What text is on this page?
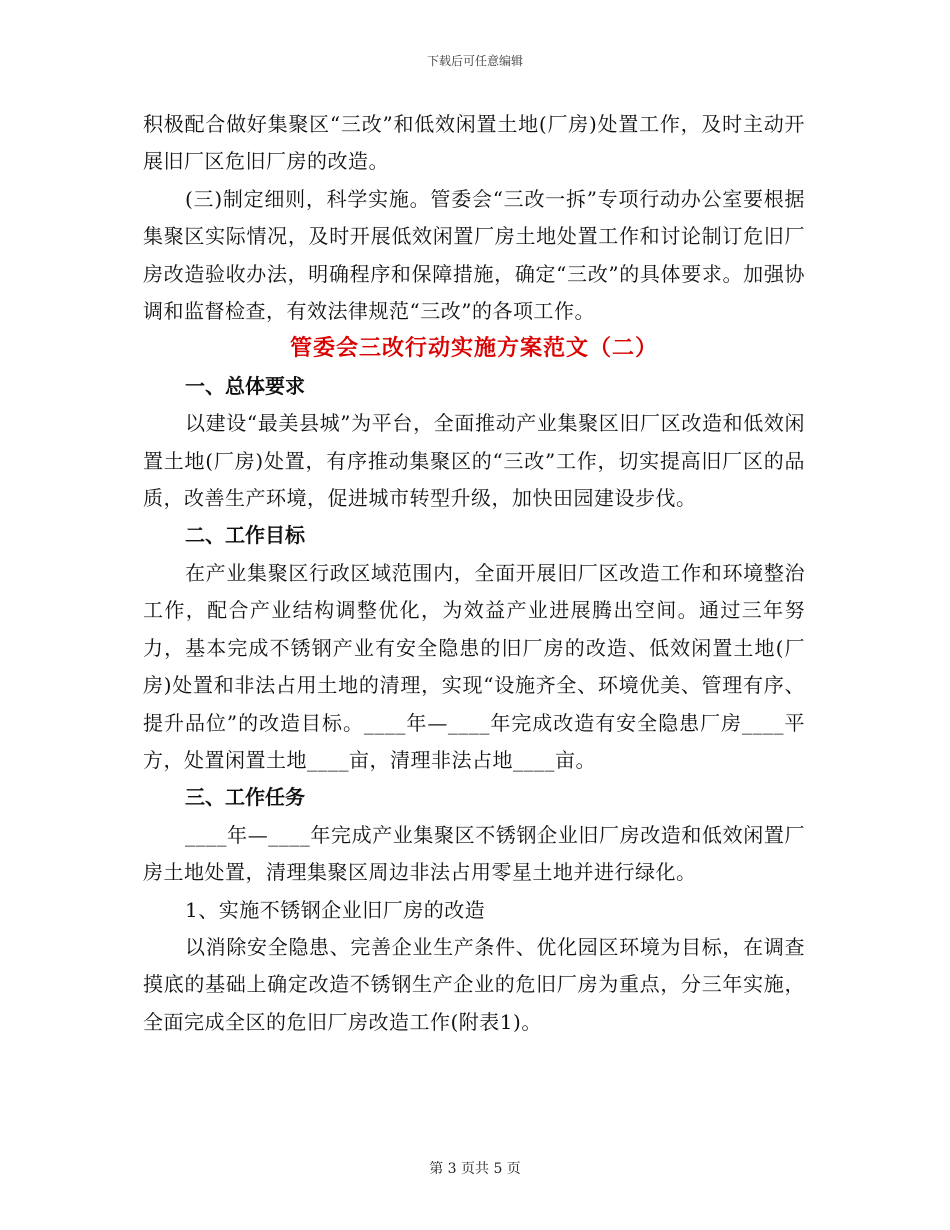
下载后可任意编辑

积极配合做好集聚区“三改”和低效闲置土地(厂房)处置工作，及时主动开展旧厂区危旧厂房的改造。

(三)制定细则，科学实施。管委会“三改一拆”专项行动办公室要根据集聚区实际情况，及时开展低效闲置厂房土地处置工作和讨论制订危旧厂房改造验收办法，明确程序和保障措施，确定“三改”的具体要求。加强协调和监督检查，有效法律规范“三改”的各项工作。

管委会三改行动实施方案范文（二）

一、总体要求

以建设“最美县城”为平台，全面推动产业集聚区旧厂区改造和低效闲置土地(厂房)处置，有序推动集聚区的“三改”工作，切实提高旧厂区的品质，改善生产环境，促进城市转型升级，加快田园建设步伐。

二、工作目标

在产业集聚区行政区域范围内，全面开展旧厂区改造工作和环境整治工作，配合产业结构调整优化，为效益产业进展腾出空间。通过三年努力，基本完成不锈钢产业有安全隐患的旧厂房的改造、低效闲置土地(厂房)处置和非法占用土地的清理，实现“设施齐全、环境优美、管理有序、提升品位”的改造目标。____年—____年完成改造有安全隐患厂房____平方，处置闲置土地____亩，清理非法占地____亩。

三、工作任务

____年—____年完成产业集聚区不锈钢企业旧厂房改造和低效闲置厂房土地处置，清理集聚区周边非法占用零星土地并进行绿化。

1、实施不锈钢企业旧厂房的改造

以消除安全隐患、完善企业生产条件、优化园区环境为目标，在调查摸底的基础上确定改造不锈钢生产企业的危旧厂房为重点，分三年实施，全面完成全区的危旧厂房改造工作(附表1)。

第 3 页共 5 页
